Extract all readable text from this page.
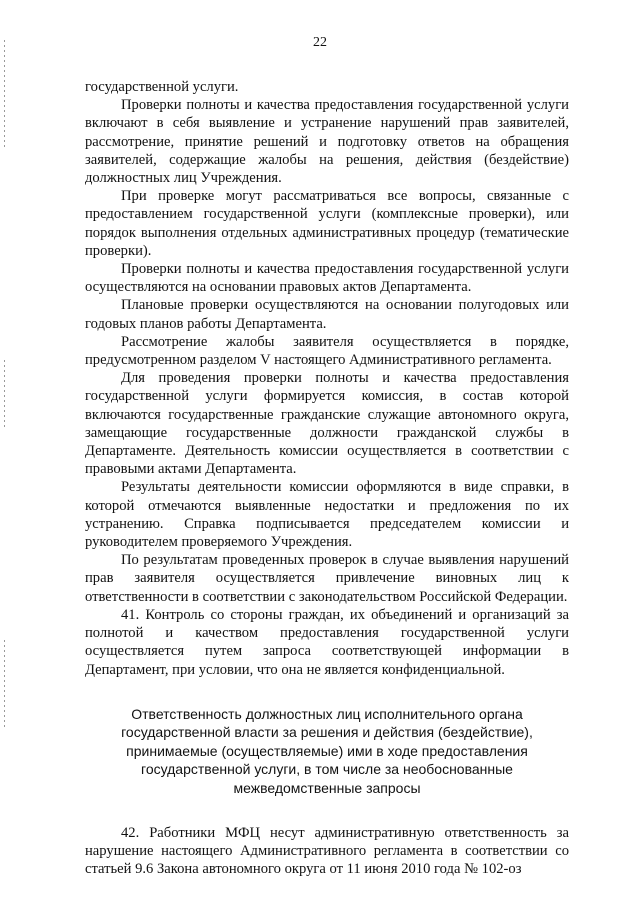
22

государственной услуги.

Проверки полноты и качества предоставления государственной услуги включают в себя выявление и устранение нарушений прав заявителей, рассмотрение, принятие решений и подготовку ответов на обращения заявителей, содержащие жалобы на решения, действия (бездействие) должностных лиц Учреждения.

При проверке могут рассматриваться все вопросы, связанные с предоставлением государственной услуги (комплексные проверки), или порядок выполнения отдельных административных процедур (тематические проверки).

Проверки полноты и качества предоставления государственной услуги осуществляются на основании правовых актов Департамента.

Плановые проверки осуществляются на основании полугодовых или годовых планов работы Департамента.

Рассмотрение жалобы заявителя осуществляется в порядке, предусмотренном разделом V настоящего Административного регламента.

Для проведения проверки полноты и качества предоставления государственной услуги формируется комиссия, в состав которой включаются государственные гражданские служащие автономного округа, замещающие государственные должности гражданской службы в Департаменте. Деятельность комиссии осуществляется в соответствии с правовыми актами Департамента.

Результаты деятельности комиссии оформляются в виде справки, в которой отмечаются выявленные недостатки и предложения по их устранению. Справка подписывается председателем комиссии и руководителем проверяемого Учреждения.

По результатам проведенных проверок в случае выявления нарушений прав заявителя осуществляется привлечение виновных лиц к ответственности в соответствии с законодательством Российской Федерации.

41. Контроль со стороны граждан, их объединений и организаций за полнотой и качеством предоставления государственной услуги осуществляется путем запроса соответствующей информации в Департамент, при условии, что она не является конфиденциальной.

Ответственность должностных лиц исполнительного органа государственной власти за решения и действия (бездействие), принимаемые (осуществляемые) ими в ходе предоставления государственной услуги, в том числе за необоснованные межведомственные запросы

42. Работники МФЦ несут административную ответственность за нарушение настоящего Административного регламента в соответствии со статьей 9.6 Закона автономного округа от 11 июня 2010 года № 102-оз
